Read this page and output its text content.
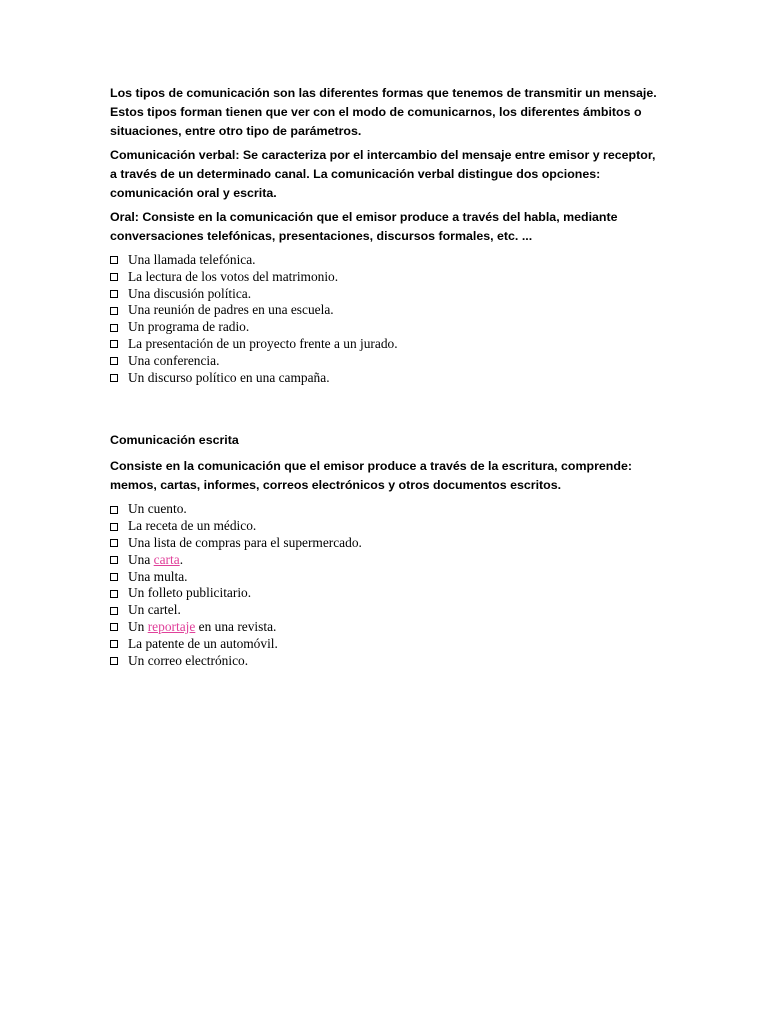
Los tipos de comunicación son las diferentes formas que tenemos de transmitir un mensaje. Estos tipos forman tienen que ver con el modo de comunicarnos, los diferentes ámbitos o situaciones, entre otro tipo de parámetros.

Comunicación verbal: Se caracteriza por el intercambio del mensaje entre emisor y receptor, a través de un determinado canal. La comunicación verbal distingue dos opciones: comunicación oral y escrita.

Oral: Consiste en la comunicación que el emisor produce a través del habla, mediante conversaciones telefónicas, presentaciones, discursos formales, etc. ...

Una llamada telefónica.
La lectura de los votos del matrimonio.
Una discusión política.
Una reunión de padres en una escuela.
Un programa de radio.
La presentación de un proyecto frente a un jurado.
Una conferencia.
Un discurso político en una campaña.

Comunicación escrita

Consiste en la comunicación que el emisor produce a través de la escritura, comprende: memos, cartas, informes, correos electrónicos y otros documentos escritos.

Un cuento.
La receta de un médico.
Una lista de compras para el supermercado.
Una carta .
Una multa.
Un folleto publicitario.
Un cartel.
Un reportaje en una revista.
La patente de un automóvil.
Un correo electrónico.
